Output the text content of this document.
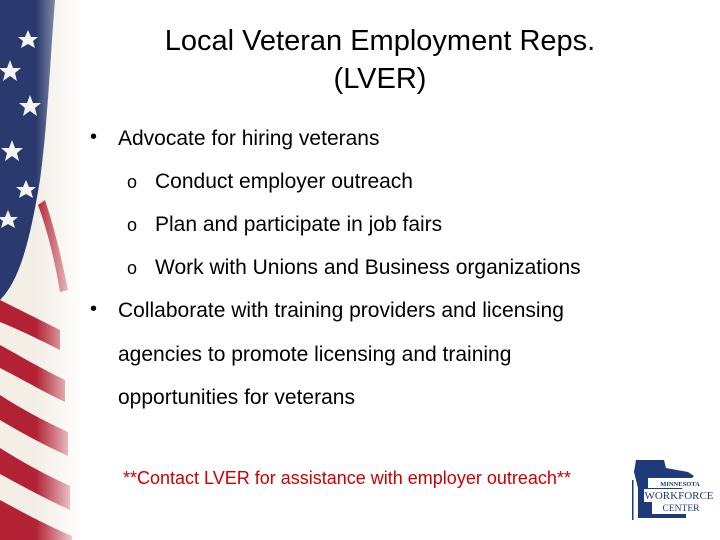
Local Veteran Employment Reps.
(LVER)
• Advocate for hiring veterans
o Conduct employer outreach
o Plan and participate in job fairs
o Work with Unions and Business organizations
• Collaborate with training providers and licensing
agencies to promote licensing and training
opportunities for veterans
**Contact LVER for assistance with employer outreach**	MINNESOTA
WORKFORCE
CENTER
